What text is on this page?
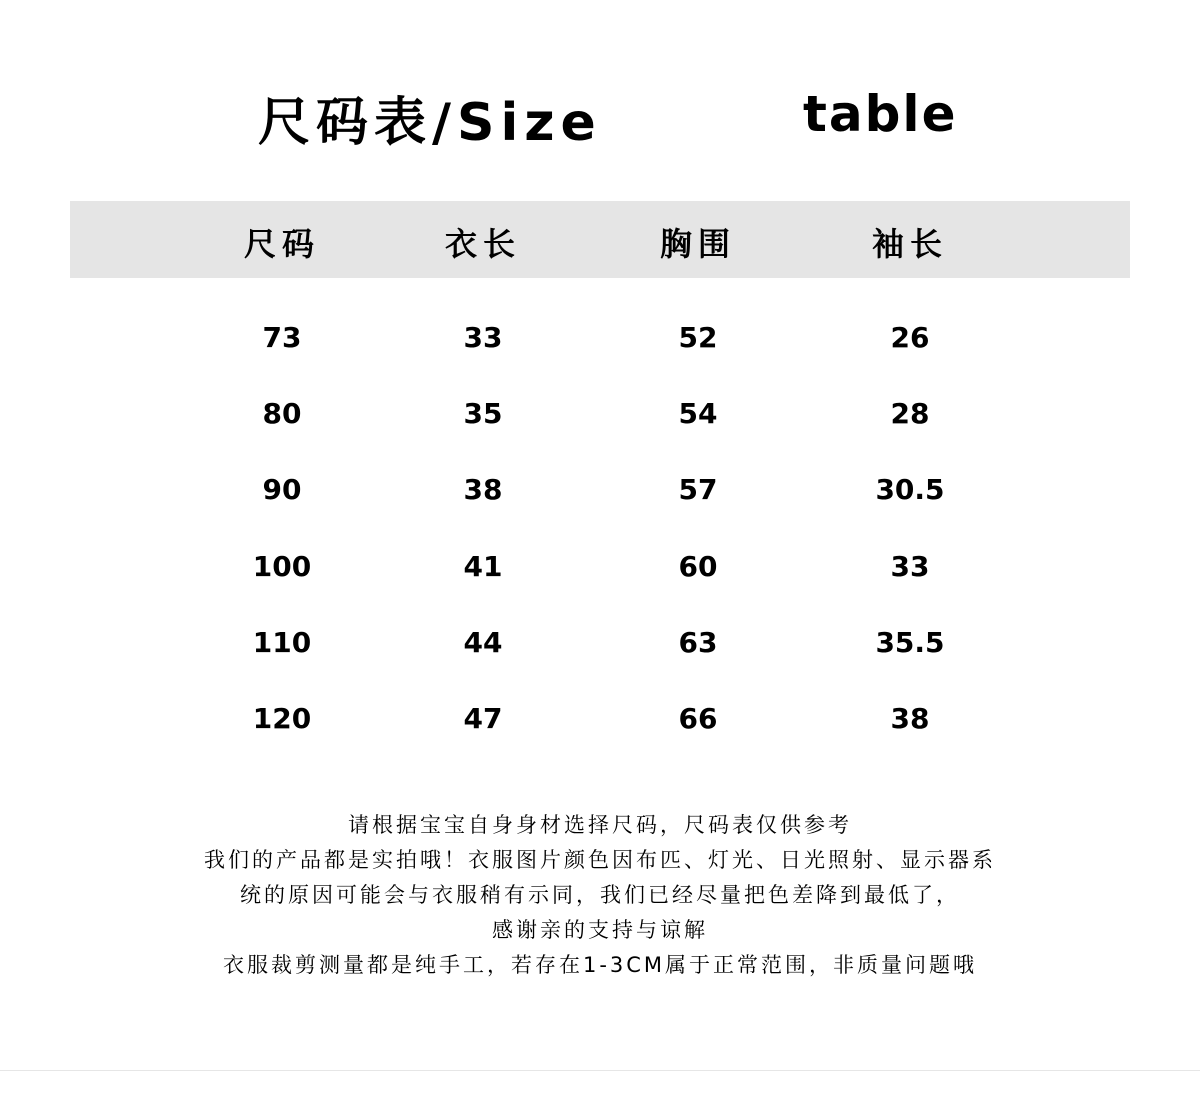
尺码表/Size	table
尺码	衣长	胸围	袖长
73	33	52	26
80	35	54	28
90	38	57	30.5
100	41	60	33
110	44	63	35.5
120	47	66	38
请根据宝宝自身身材选择尺码，尺码表仅供参考
我们的产品都是实拍哦！衣服图片颜色因布匹、灯光、日光照射、显示器系
统的原因可能会与衣服稍有示同，我们已经尽量把色差降到最低了，
感谢亲的支持与谅解
衣服裁剪测量都是纯手工，若存在1-3CM属于正常范围，非质量问题哦
